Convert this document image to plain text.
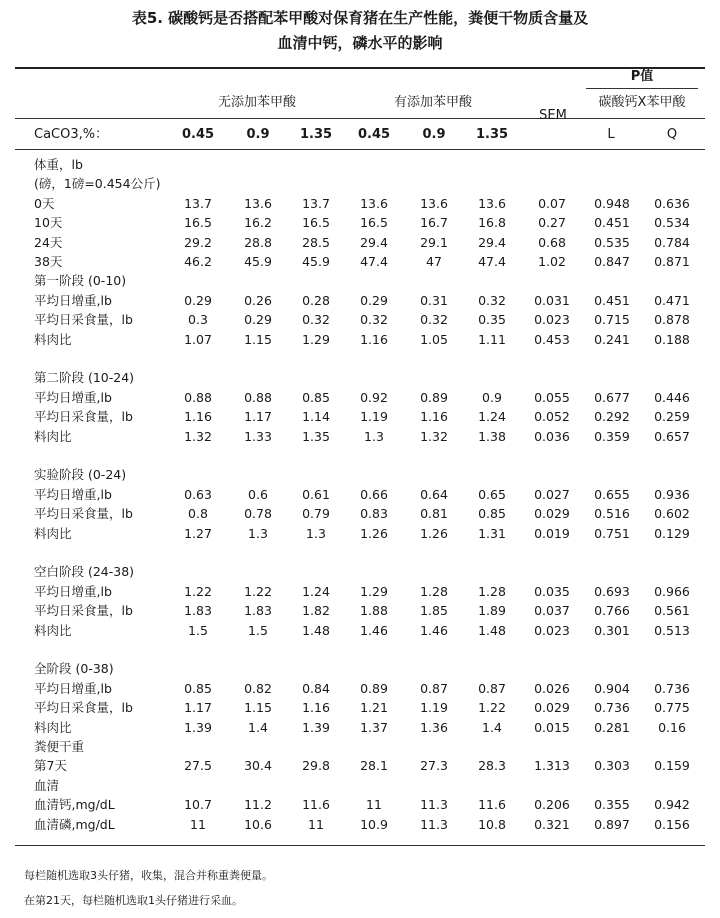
表5. 碳酸钙是否搭配苯甲酸对保育猪在生产性能，粪便干物质含量及
血清中钙，磷水平的影响
P值
碳酸钙X苯甲酸
无添加苯甲酸	有添加苯甲酸
SEM
CaCO3,%：	0.45 0.9 1.35 0.45 0.9 1.35	L	Q
体重，lb
(磅，1磅=0.454公斤)
0天	13.7	13.6 13.7 13.6	13.6 13.6	0.07 0.948 0.636
10天	16.5	16.2 16.5 16.5	16.7 16.8	0.27 0.451 0.534
24天	29.2	28.8 28.5 29.4	29.1 29.4	0.68 0.535 0.784
38天	46.2	45.9 45.9 47.4	47	47.4	1.02 0.847 0.871
第一阶段 (0-10)
平均日增重,lb	0.29	0.26 0.28 0.29	0.31 0.32 0.031 0.451 0.471
平均日采食量，lb	0.3	0.29 0.32 0.32	0.32 0.35 0.023 0.715 0.878
料肉比	1.07	1.15 1.29 1.16	1.05 1.11 0.453 0.241 0.188
第二阶段 (10-24)
平均日增重,lb	0.88	0.88 0.85 0.92	0.89	0.9	0.055 0.677 0.446
平均日采食量，lb	1.16	1.17 1.14 1.19	1.16 1.24 0.052 0.292 0.259
料肉比	1.32	1.33 1.35	1.3	1.32 1.38 0.036 0.359 0.657
实验阶段 (0-24)
平均日增重,lb	0.63	0.6	0.61 0.66	0.64 0.65 0.027 0.655 0.936
平均日采食量，lb	0.8	0.78 0.79 0.83	0.81 0.85 0.029 0.516 0.602
料肉比	1.27	1.3	1.3	1.26	1.26 1.31 0.019 0.751 0.129
空白阶段 (24-38)
平均日增重,lb	1.22	1.22 1.24 1.29	1.28 1.28 0.035 0.693 0.966
平均日采食量，lb	1.83	1.83 1.82 1.88	1.85 1.89 0.037 0.766 0.561
料肉比	1.5	1.5	1.48 1.46	1.46 1.48 0.023 0.301 0.513
全阶段 (0-38)
平均日增重,lb	0.85	0.82 0.84 0.89	0.87 0.87 0.026 0.904 0.736
平均日采食量，lb	1.17	1.15 1.16 1.21	1.19 1.22 0.029 0.736 0.775
料肉比	1.39	1.4	1.39 1.37	1.36	1.4	0.015 0.281 0.16
粪便干重
第7天	27.5	30.4 29.8 28.1	27.3 28.3 1.313 0.303 0.159
血清
血清钙,mg/dL	10.7	11.2 11.6	11	11.3 11.6 0.206 0.355 0.942
血清磷,mg/dL	11	10.6	11	10.9	11.3 10.8 0.321 0.897 0.156
每栏随机选取3头仔猪，收集，混合并称重粪便量。
在第21天，每栏随机选取1头仔猪进行采血。
